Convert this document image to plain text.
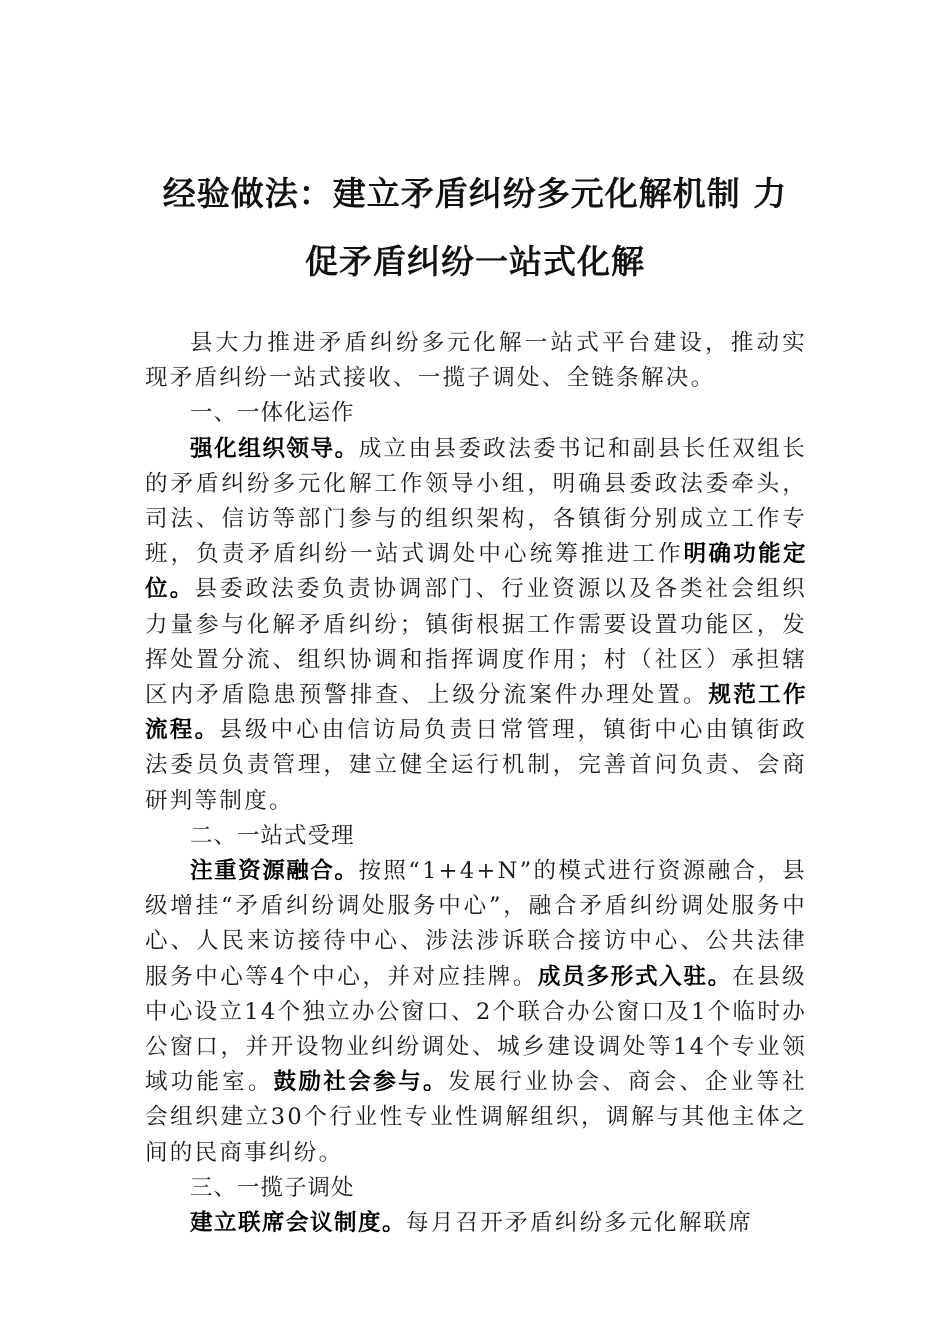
经验做法：建立矛盾纠纷多元化解机制 力
促矛盾纠纷一站式化解

县大力推进矛盾纠纷多元化解一站式平台建设，推动实现矛盾纠纷一站式接收、一揽子调处、全链条解决。

一、一体化运作

强化组织领导。成立由县委政法委书记和副县长任双组长的矛盾纠纷多元化解工作领导小组，明确县委政法委牵头，司法、信访等部门参与的组织架构，各镇街分别成立工作专班，负责矛盾纠纷一站式调处中心统筹推进工作明确功能定位。县委政法委负责协调部门、行业资源以及各类社会组织力量参与化解矛盾纠纷；镇街根据工作需要设置功能区，发挥处置分流、组织协调和指挥调度作用；村（社区）承担辖区内矛盾隐患预警排查、上级分流案件办理处置。规范工作流程。县级中心由信访局负责日常管理，镇街中心由镇街政法委员负责管理，建立健全运行机制，完善首问负责、会商研判等制度。

二、一站式受理

注重资源融合。按照“1+4+N”的模式进行资源融合，县级增挂“矛盾纠纷调处服务中心”，融合矛盾纠纷调处服务中心、人民来访接待中心、涉法涉诉联合接访中心、公共法律服务中心等4个中心，并对应挂牌。成员多形式入驻。在县级中心设立14个独立办公窗口、2个联合办公窗口及1个临时办公窗口，并开设物业纠纷调处、城乡建设调处等14个专业领域功能室。鼓励社会参与。发展行业协会、商会、企业等社会组织建立30个行业性专业性调解组织，调解与其他主体之间的民商事纠纷。

三、一揽子调处

建立联席会议制度。每月召开矛盾纠纷多元化解联席
